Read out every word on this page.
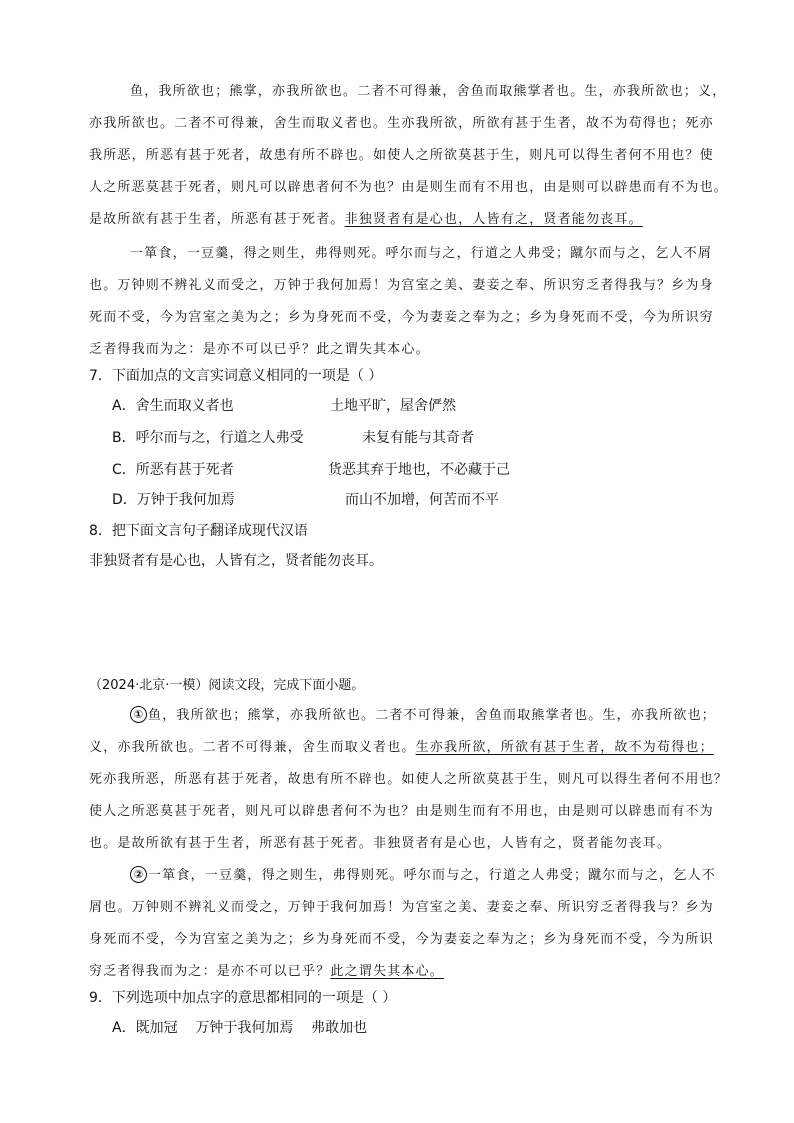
鱼，我所欲也；熊掌，亦我所欲也。二者不可得兼，舍鱼而取熊掌者也。生，亦我所欲也；义，
亦我所欲也。二者不可得兼，舍生而取义者也。生亦我所欲，所欲有甚于生者，故不为苟得也；死亦
我所恶，所恶有甚于死者，故患有所不辟也。如使人之所欲莫甚于生，则凡可以得生者何不用也？使
人之所恶莫甚于死者，则凡可以辟患者何不为也？由是则生而有不用也，由是则可以辟患而有不为也。
是故所欲有甚于生者，所恶有甚于死者。非独贤者有是心也，人皆有之，贤者能勿丧耳。
一箪食，一豆羹，得之则生，弗得则死。呼尔而与之，行道之人弗受；蹴尔而与之，乞人不屑
也。万钟则不辨礼义而受之，万钟于我何加焉！为宫室之美、妻妾之奉、所识穷乏者得我与？乡为身
死而不受，今为宫室之美为之；乡为身死而不受，今为妻妾之奉为之；乡为身死而不受，今为所识穷
乏者得我而为之：是亦不可以已乎？此之谓失其本心。
7．下面加点的文言实词意义相同的一项是（ ）
A．舍生而取义者也	土地平旷，屋舍俨然
B．呼尔而与之，行道之人弗受	未复有能与其奇者
C．所恶有甚于死者	货恶其弃于地也，不必藏于己
D．万钟于我何加焉	而山不加增，何苦而不平
8．把下面文言句子翻译成现代汉语
非独贤者有是心也，人皆有之，贤者能勿丧耳。
（2024·北京·一模）阅读文段，完成下面小题。
① 鱼，我所欲也；熊掌，亦我所欲也。二者不可得兼，舍鱼而取熊掌者也。生，亦我所欲也；
义，亦我所欲也。二者不可得兼，舍生而取义者也。生亦我所欲，所欲有甚于生者，故不为苟得也；
死亦我所恶，所恶有甚于死者，故患有所不辟也。如使人之所欲莫甚于生，则凡可以得生者何不用也？
使人之所恶莫甚于死者，则凡可以辟患者何不为也？由是则生而有不用也，由是则可以辟患而有不为
也。是故所欲有甚于生者，所恶有甚于死者。非独贤者有是心也，人皆有之，贤者能勿丧耳。
② 一箪食，一豆羹，得之则生，弗得则死。呼尔而与之，行道之人弗受；蹴尔而与之，乞人不
屑也。万钟则不辨礼义而受之，万钟于我何加焉！为宫室之美、妻妾之奉、所识穷乏者得我与？乡为
身死而不受，今为宫室之美为之；乡为身死而不受，今为妻妾之奉为之；乡为身死而不受，今为所识
穷乏者得我而为之：是亦不可以已乎？此之谓失其本心。
9．下列选项中加点字的意思都相同的一项是（ ）
A．既加冠    万钟于我何加焉    弗敢加也
